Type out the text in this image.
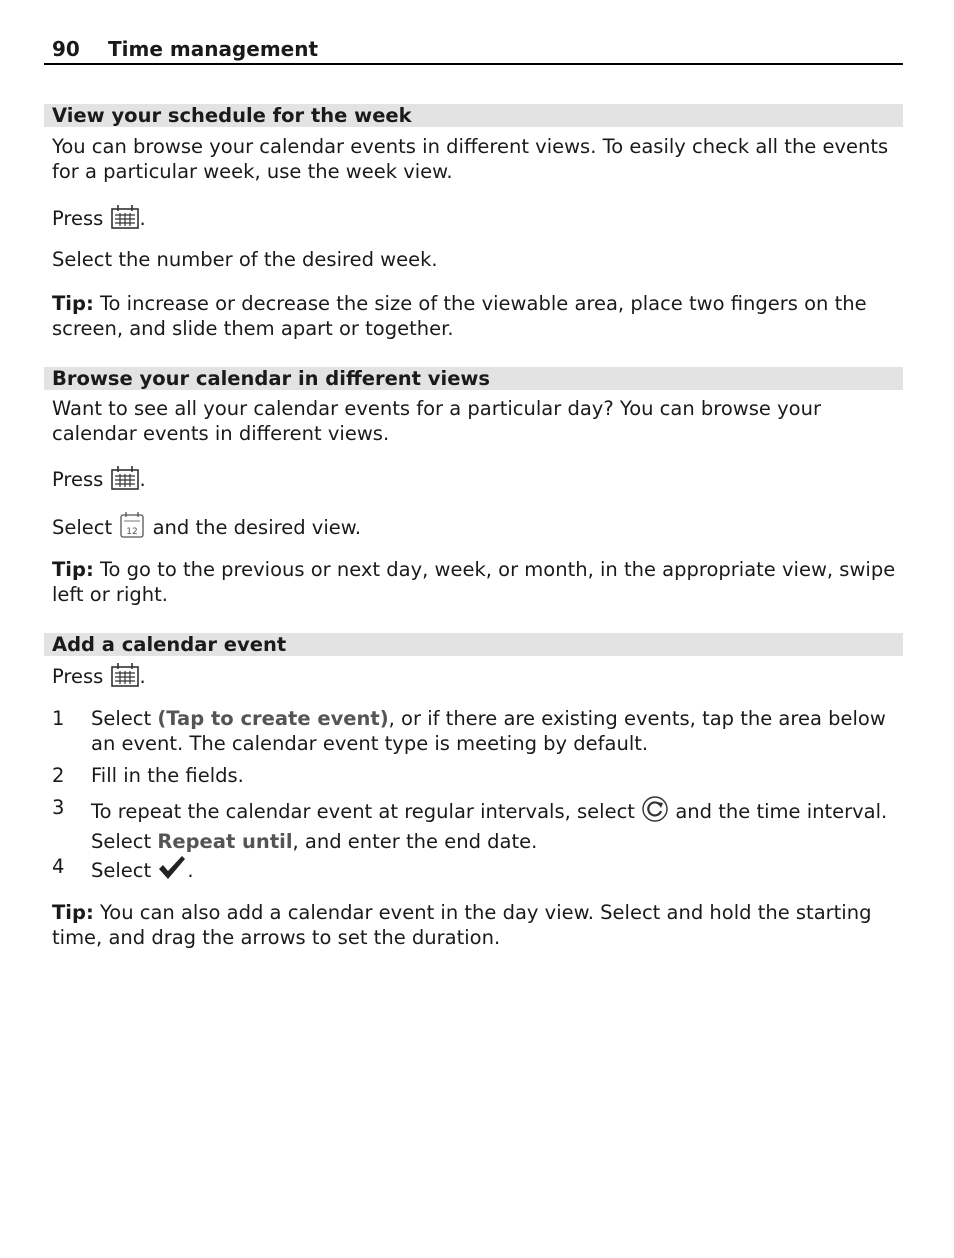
90 Time management
View your schedule for the week
You can browse your calendar events in different views. To easily check all the events for a particular week, use the week view.
Press .
Select the number of the desired week.
Tip: To increase or decrease the size of the viewable area, place two fingers on the screen, and slide them apart or together.
Browse your calendar in different views
Want to see all your calendar events for a particular day? You can browse your calendar events in different views.
Press .
Select 12 and the desired view.
Tip: To go to the previous or next day, week, or month, in the appropriate view, swipe left or right.
Add a calendar event
Press .
1 Select (Tap to create event), or if there are existing events, tap the area below an event. The calendar event type is meeting by default.
2 Fill in the fields.
3 To repeat the calendar event at regular intervals, select  and the time interval. Select Repeat until, and enter the end date.
4 Select .
Tip: You can also add a calendar event in the day view. Select and hold the starting time, and drag the arrows to set the duration.
